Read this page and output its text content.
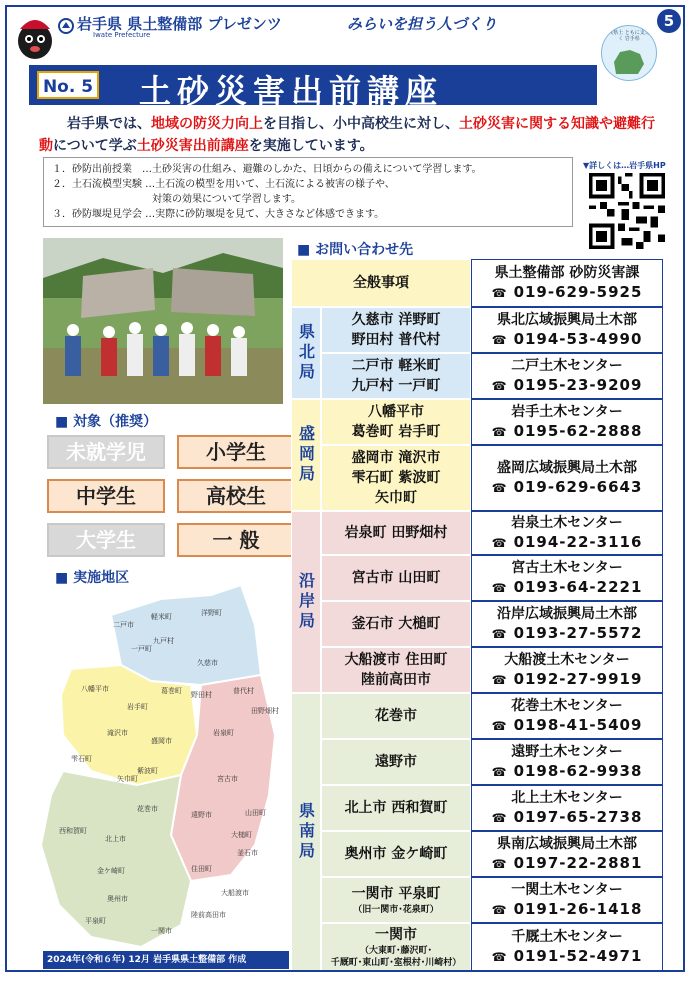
岩手県 県土整備部 プレゼンツ
Iwate Prefecture
みらいを担う人づくり	防災県土 ともに支え築く 岩手県
5
No. 5 土砂災害出前講座
岩手県では、地域の防災力向上を目指し、小中高校生に対し、土砂災害に関する知識や避難行動について学ぶ土砂災害出前講座を実施しています。
１．砂防出前授業　…土砂災害の仕組み、避難のしかた、日頃からの備えについて学習します。
２．土石流模型実験 …土石流の模型を用いて、土石流による被害の様子や、
　　　　　　　　　　対策の効果について学習します。
３．砂防堰堤見学会 …実際に砂防堰堤を見て、大きさなど体感できます。
▼詳しくは…岩手県HP
■ 対象（推奨）
未就学児	小学生
中学生	高校生
大学生	一 般
■ 実施地区
二戸市
軽米町	洋野町
九戸村
一戸町
久慈市
野田村	普代村
田野畑村
岩泉町
八幡平市	葛巻町
岩手町
滝沢市
盛岡市
雫石町
矢巾町
紫波町
宮古市
山田町
大槌町
花巻市
遠野市
釜石市
西和賀町
北上市
金ケ崎町
奥州市
住田町
大船渡市
平泉町
陸前高田市
一関市
2024年(令和６年) 12月 岩手県県土整備部 作成
■ お問い合わせ先
全般事項
県土整備部 砂防災害課
☎ 019-629-5925
県北局
久慈市 洋野町
野田村 普代村
県北広域振興局土木部
☎ 0194-53-4990
二戸市 軽米町
九戸村 一戸町
二戸土木センター
☎ 0195-23-9209
盛岡局
八幡平市
葛巻町 岩手町
岩手土木センター
☎ 0195-62-2888
盛岡市 滝沢市
雫石町 紫波町
矢巾町
盛岡広域振興局土木部
☎ 019-629-6643
沿岸局
岩泉町 田野畑村
岩泉土木センター
☎ 0194-22-3116
宮古市 山田町
宮古土木センター
☎ 0193-64-2221
釜石市 大槌町
沿岸広域振興局土木部
☎ 0193-27-5572
大船渡市 住田町
陸前高田市
大船渡土木センター
☎ 0192-27-9919
県南局
花巻市
花巻土木センター
☎ 0198-41-5409
遠野市
遠野土木センター
☎ 0198-62-9938
北上市 西和賀町
北上土木センター
☎ 0197-65-2738
奥州市 金ケ崎町
県南広域振興局土木部
☎ 0197-22-2881
一関市 平泉町
（旧一関市･花泉町）
一関土木センター
☎ 0191-26-1418
一関市
（大東町･藤沢町･
千厩町･東山町･室根村･川崎村）
千厩土木センター
☎ 0191-52-4971
